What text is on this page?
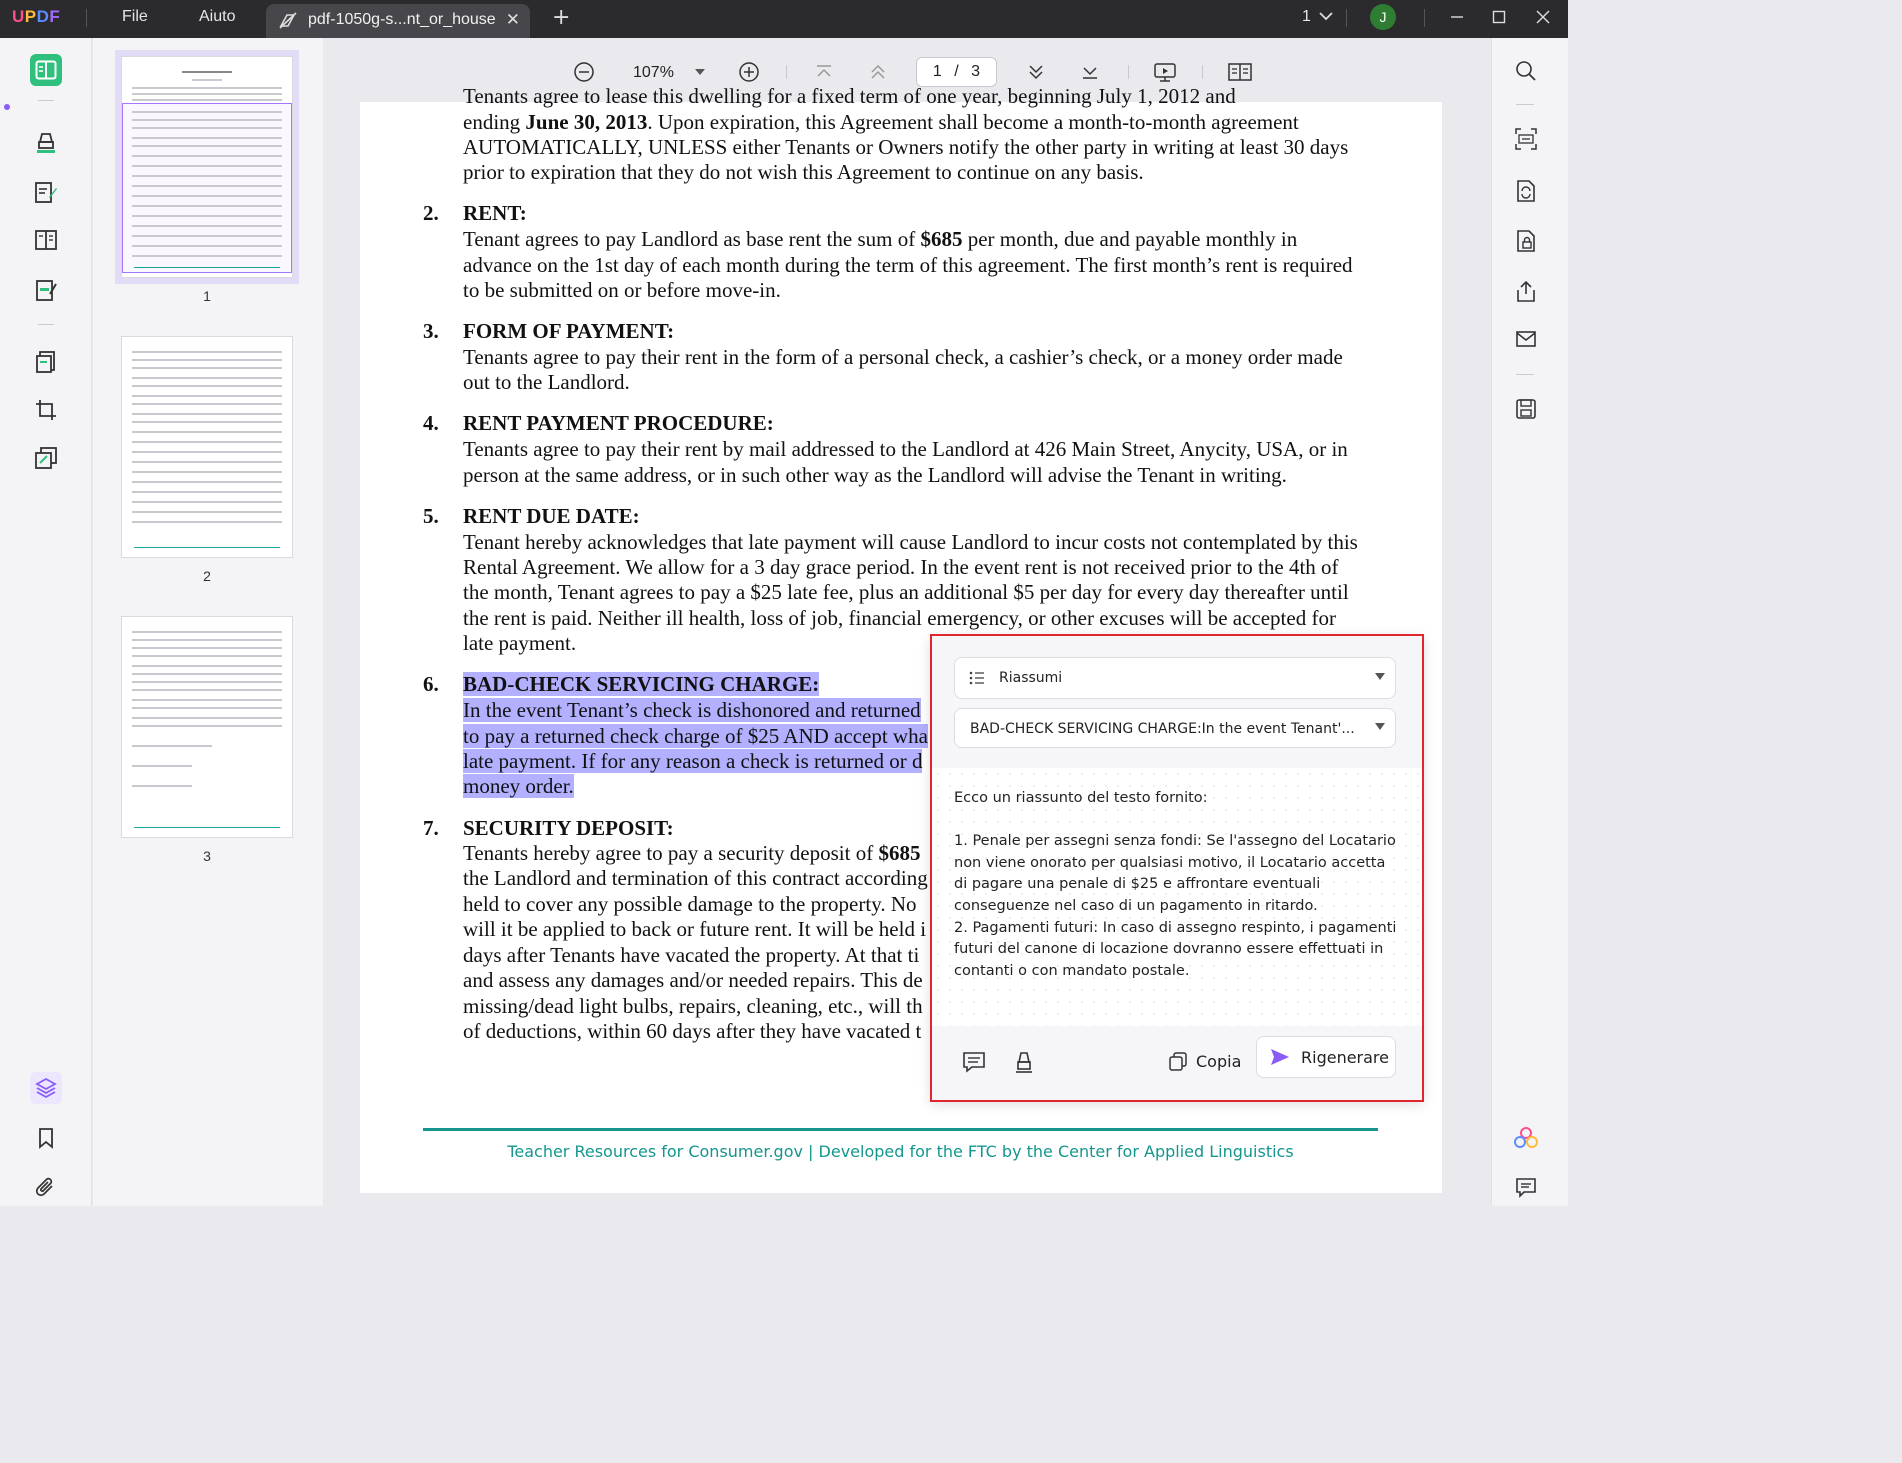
UPDF	File	Aiuto	pdf-1050g-s...nt_or_house ✕ +	1	J
1
2
3
107%	1 / 3
Tenants agree to lease this dwelling for a fixed term of one year, beginning July 1, 2012 and
ending June 30, 2013. Upon expiration, this Agreement shall become a month-to-month agreement
AUTOMATICALLY, UNLESS either Tenants or Owners notify the other party in writing at least 30 days
prior to expiration that they do not wish this Agreement to continue on any basis.
2. RENT:
Tenant agrees to pay Landlord as base rent the sum of $685 per month, due and payable monthly in
advance on the 1st day of each month during the term of this agreement. The first month’s rent is required
to be submitted on or before move-in.
3. FORM OF PAYMENT:
Tenants agree to pay their rent in the form of a personal check, a cashier’s check, or a money order made
out to the Landlord.
4. RENT PAYMENT PROCEDURE:
Tenants agree to pay their rent by mail addressed to the Landlord at 426 Main Street, Anycity, USA, or in
person at the same address, or in such other way as the Landlord will advise the Tenant in writing.
5. RENT DUE DATE:
Tenant hereby acknowledges that late payment will cause Landlord to incur costs not contemplated by this
Rental Agreement. We allow for a 3 day grace period. In the event rent is not received prior to the 4th of
the month, Tenant agrees to pay a $25 late fee, plus an additional $5 per day for every day thereafter until
the rent is paid. Neither ill health, loss of job, financial emergency, or other excuses will be accepted for
late payment.
6. BAD-CHECK SERVICING CHARGE:
In the event Tenant’s check is dishonored and returned
to pay a returned check charge of $25 AND accept wha
late payment. If for any reason a check is returned or d
money order.
7. SECURITY DEPOSIT:
Tenants hereby agree to pay a security deposit of $685
the Landlord and termination of this contract according
held to cover any possible damage to the property. No
will it be applied to back or future rent. It will be held i
days after Tenants have vacated the property. At that ti
and assess any damages and/or needed repairs. This de
missing/dead light bulbs, repairs, cleaning, etc., will th
of deductions, within 60 days after they have vacated t
Teacher Resources for Consumer.gov | Developed for the FTC by the Center for Applied Linguistics
Riassumi
BAD-CHECK SERVICING CHARGE:In the event Tenant'...
Ecco un riassunto del testo fornito:

1. Penale per assegni senza fondi: Se l'assegno del Locatario non viene onorato per qualsiasi motivo, il Locatario accetta di pagare una penale di $25 e affrontare eventuali conseguenze nel caso di un pagamento in ritardo.
2. Pagamenti futuri: In caso di assegno respinto, i pagamenti futuri del canone di locazione dovranno essere effettuati in contanti o con mandato postale.
Copia	Rigenerare
